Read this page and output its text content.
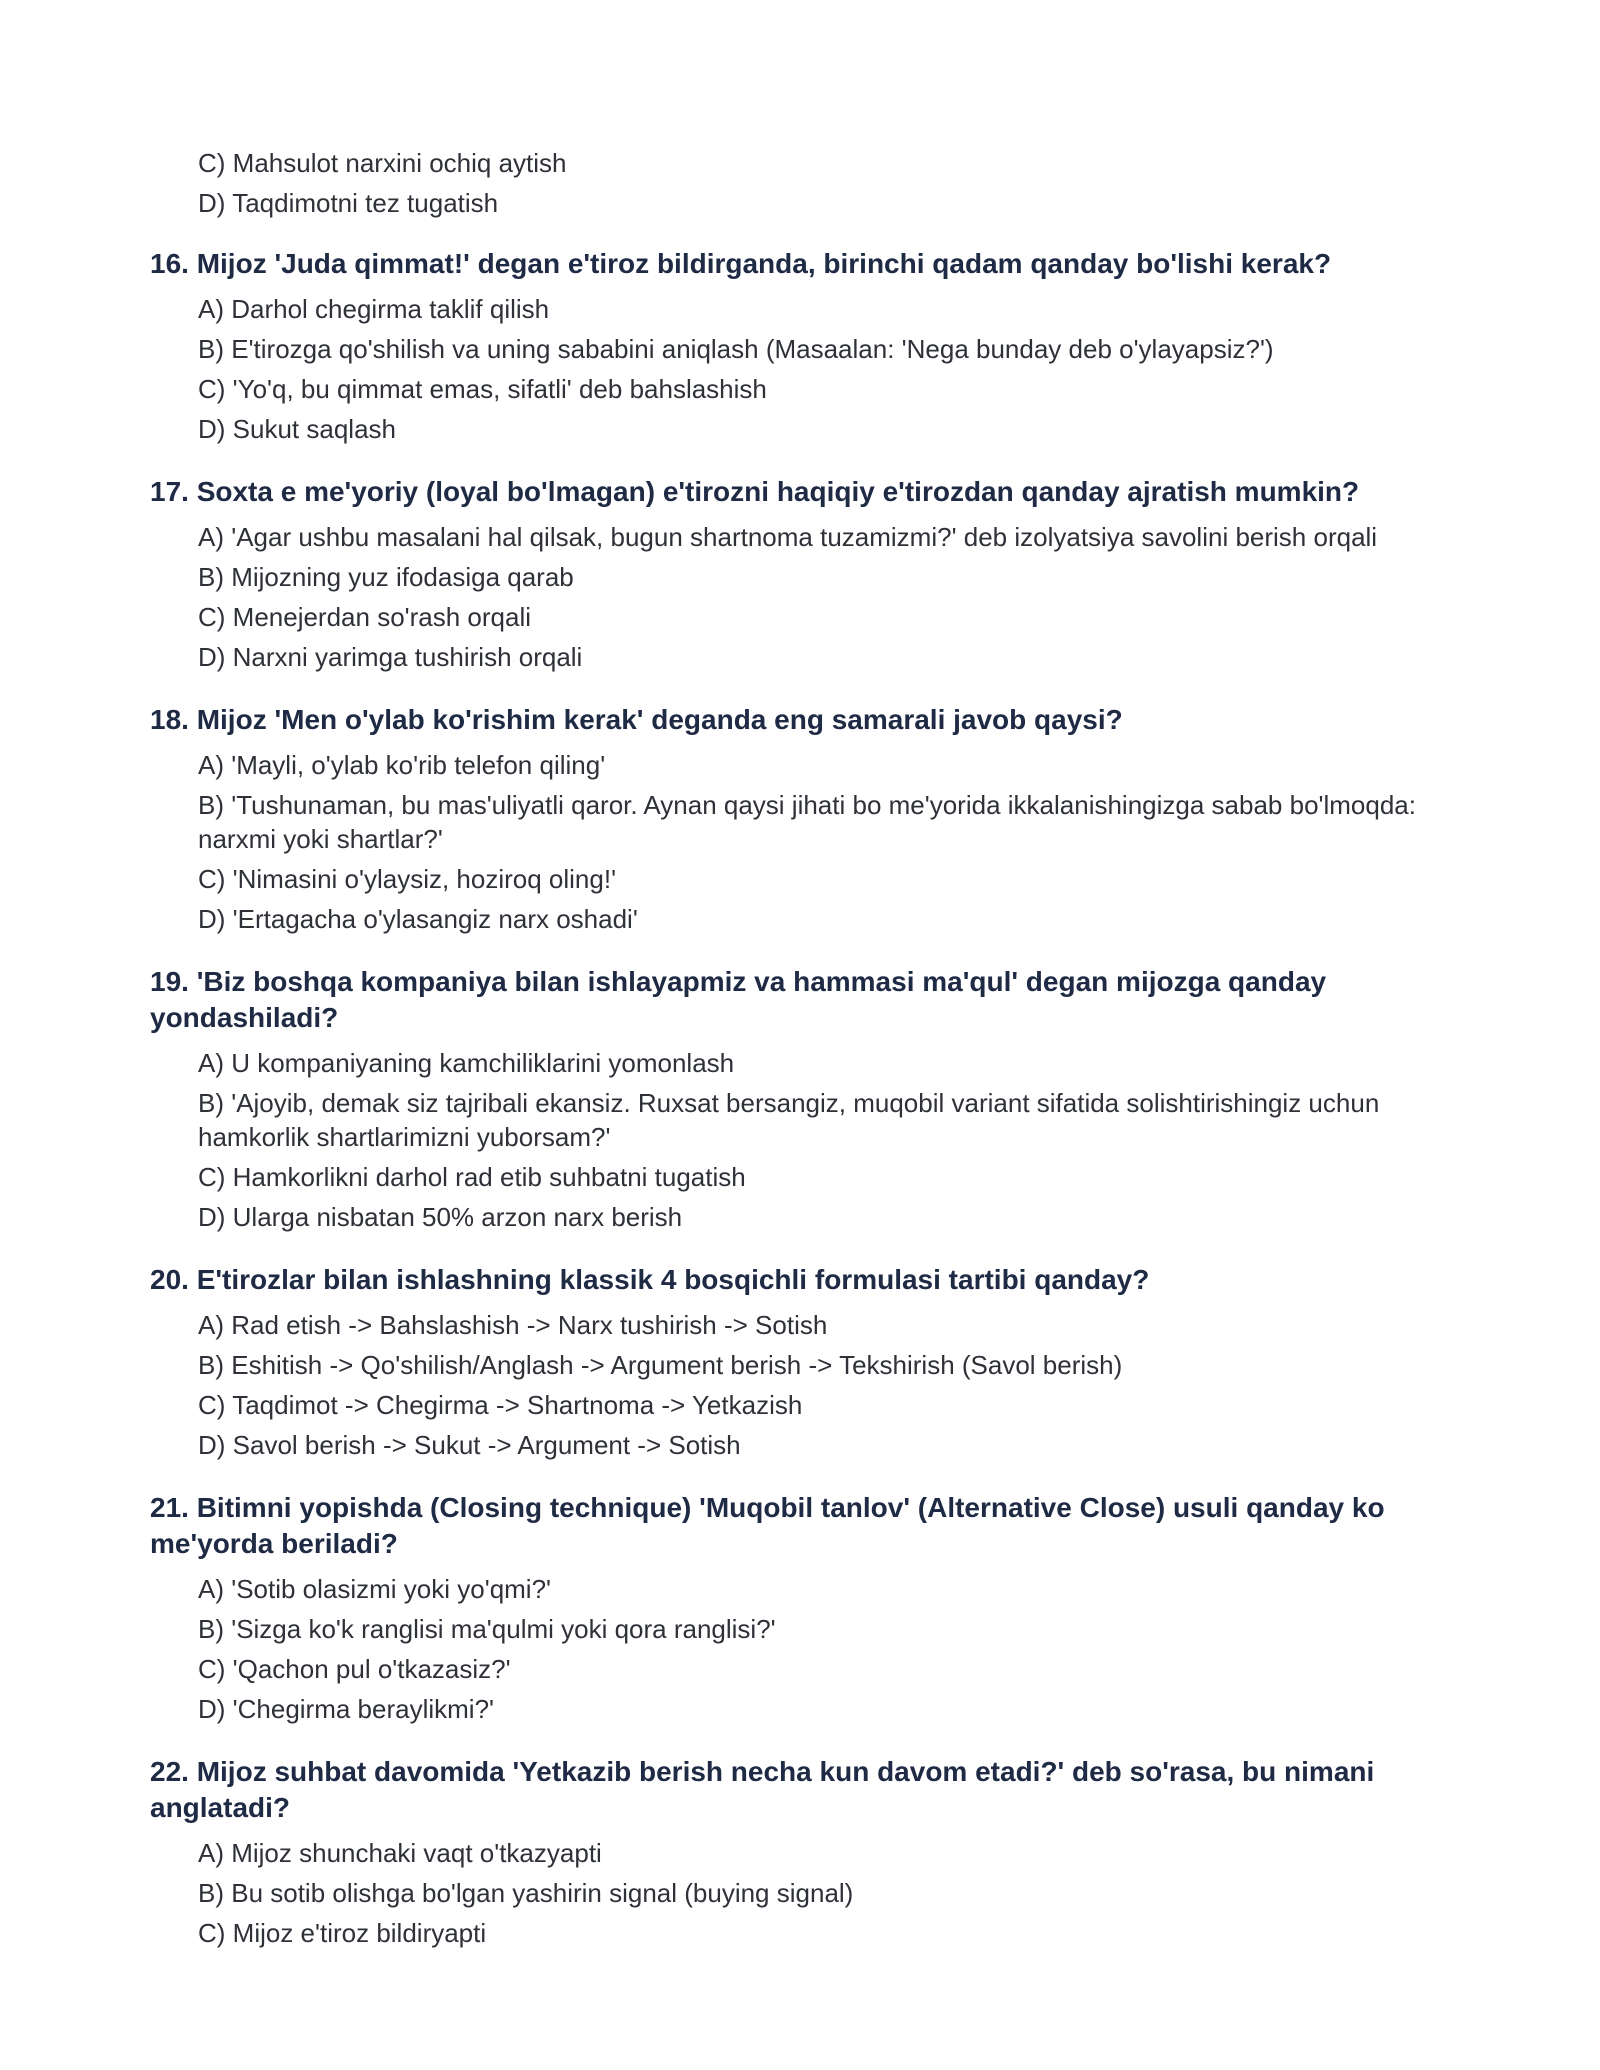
C) Mahsulot narxini ochiq aytish
D) Taqdimotni tez tugatish
16. Mijoz 'Juda qimmat!' degan e'tiroz bildirganda, birinchi qadam qanday bo'lishi kerak?
A) Darhol chegirma taklif qilish
B) E'tirozga qo'shilish va uning sababini aniqlash (Masaalan: 'Nega bunday deb o'ylayapsiz?')
C) 'Yo'q, bu qimmat emas, sifatli' deb bahslashish
D) Sukut saqlash
17. Soxta e me'yoriy (loyal bo'lmagan) e'tirozni haqiqiy e'tirozdan qanday ajratish mumkin?
A) 'Agar ushbu masalani hal qilsak, bugun shartnoma tuzamizmi?' deb izolyatsiya savolini berish orqali
B) Mijozning yuz ifodasiga qarab
C) Menejerdan so'rash orqali
D) Narxni yarimga tushirish orqali
18. Mijoz 'Men o'ylab ko'rishim kerak' deganda eng samarali javob qaysi?
A) 'Mayli, o'ylab ko'rib telefon qiling'
B) 'Tushunaman, bu mas'uliyatli qaror. Aynan qaysi jihati bo me'yorida ikkalanishingizga sabab bo'lmoqda: narxmi yoki shartlar?'
C) 'Nimasini o'ylaysiz, hoziroq oling!'
D) 'Ertagacha o'ylasangiz narx oshadi'
19. 'Biz boshqa kompaniya bilan ishlayapmiz va hammasi ma'qul' degan mijozga qanday yondashiladi?
A) U kompaniyaning kamchiliklarini yomonlash
B) 'Ajoyib, demak siz tajribali ekansiz. Ruxsat bersangiz, muqobil variant sifatida solishtirishingiz uchun hamkorlik shartlarimizni yuborsam?'
C) Hamkorlikni darhol rad etib suhbatni tugatish
D) Ularga nisbatan 50% arzon narx berish
20. E'tirozlar bilan ishlashning klassik 4 bosqichli formulasi tartibi qanday?
A) Rad etish -> Bahslashish -> Narx tushirish -> Sotish
B) Eshitish -> Qo'shilish/Anglash -> Argument berish -> Tekshirish (Savol berish)
C) Taqdimot -> Chegirma -> Shartnoma -> Yetkazish
D) Savol berish -> Sukut -> Argument -> Sotish
21. Bitimni yopishda (Closing technique) 'Muqobil tanlov' (Alternative Close) usuli qanday ko me'yorda beriladi?
A) 'Sotib olasizmi yoki yo'qmi?'
B) 'Sizga ko'k ranglisi ma'qulmi yoki qora ranglisi?'
C) 'Qachon pul o'tkazasiz?'
D) 'Chegirma beraylikmi?'
22. Mijoz suhbat davomida 'Yetkazib berish necha kun davom etadi?' deb so'rasa, bu nimani anglatadi?
A) Mijoz shunchaki vaqt o'tkazyapti
B) Bu sotib olishga bo'lgan yashirin signal (buying signal)
C) Mijoz e'tiroz bildiryapti
